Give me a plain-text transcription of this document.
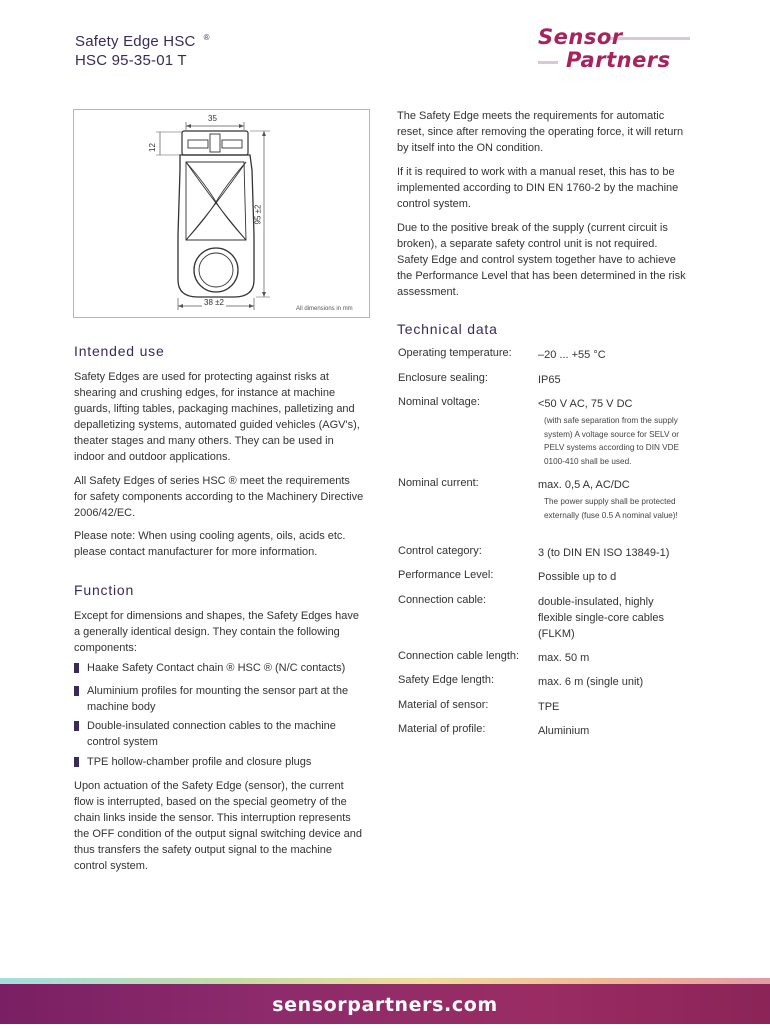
Safety Edge HSC ®
HSC 95-35-01 T
Sensor
Partners
35
12
95 ±2
38 ±2
All dimensions in mm

The Safety Edge meets the requirements for automatic reset, since after removing the operating force, it will return by itself into the ON condition.

If it is required to work with a manual reset, this has to be implemented according to DIN EN 1760-2 by the machine control system.

Due to the positive break of the supply (current circuit is broken), a separate safety control unit is not required. Safety Edge and control system together have to achieve the Performance Level that has been determined in the risk assessment.

Intended use

Safety Edges are used for protecting against risks at shearing and crushing edges, for instance at machine guards, lifting tables, packaging machines, palletizing and depalletizing systems, automated guided vehicles (AGV's), theater stages and many others. They can be used in indoor and outdoor applications.

All Safety Edges of series HSC ® meet the requirements for safety components according to the Machinery Directive 2006/42/EC.

Please note: When using cooling agents, oils, acids etc. please contact manufacturer for more information.

Function

Except for dimensions and shapes, the Safety Edges have a generally identical design. They contain the following components:

Haake Safety Contact chain ® HSC ® (N/C contacts)

Aluminium profiles for mounting the sensor part at the machine body

Double-insulated connection cables to the machine control system

TPE hollow-chamber profile and closure plugs

Upon actuation of the Safety Edge (sensor), the current flow is interrupted, based on the special geometry of the chain links inside the sensor. This interruption represents the OFF condition of the output signal switching device and thus transfers the safety output signal to the machine control system.

Technical data
Operating temperature: –20 ... +55 °C
Enclosure sealing:	IP65
Nominal voltage:	<50 V AC, 75 V DC
(with safe separation from the supply system) A voltage source for SELV or PELV systems according to DIN VDE 0100-410 shall be used.
Nominal current:	max. 0,5 A, AC/DC
The power supply shall be protected externally (fuse 0.5 A nominal value)!
Control category:	3 (to DIN EN ISO 13849-1)
Performance Level:	Possible up to d
Connection cable:	double-insulated, highly flexible single-core cables (FLKM)
Connection cable length: max. 50 m
Safety Edge length:	max. 6 m (single unit)
Material of sensor:	TPE
Material of profile:	Aluminium
sensorpartners.com
